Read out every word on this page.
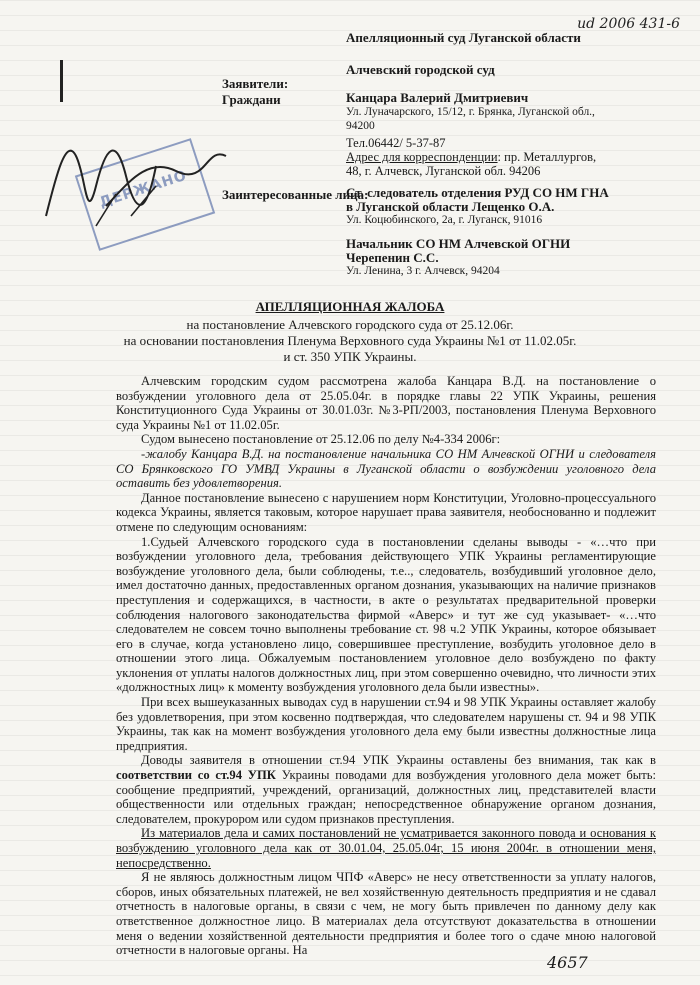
ud 2006 431-6
Апелляционный суд Луганской области
Алчевский городской суд
Заявители:
Граждани	Канцара Валерий Дмитриевич
Ул. Луначарского, 15/12, г. Брянка, Луганской обл.,
94200
Тел.06442/ 5-37-87
Адрес для корреспонденции: пр. Металлургов,
48, г. Алчевск, Луганской обл. 94206
Заинтересованные лица:
Ст. следователь отделения РУД СО НМ ГНА
в Луганской области Лещенко О.А.
Ул. Коцюбинского, 2а, г. Луганск, 91016
Начальник СО НМ Алчевской ОГНИ
Черепенин С.С.
Ул. Ленина, 3 г. Алчевск, 94204
ДЕРЖАНО
АПЕЛЛЯЦИОННАЯ ЖАЛОБА
на постановление Алчевского городского суда от 25.12.06г.
на основании постановления Пленума Верховного суда Украины №1 от 11.02.05г.
и ст. 350 УПК Украины.

Алчевским городским судом рассмотрена жалоба Канцара В.Д. на постановление о возбуждении уголовного дела от 25.05.04г. в порядке главы 22 УПК Украины, решения Конституционного Суда Украины от 30.01.03г. №3-РП/2003, постановления Пленума Верховного суда Украины №1 от 11.02.05г.

Судом вынесено постановление от 25.12.06 по делу №4-334 2006г:

-жалобу Канцара В.Д. на постановление начальника СО НМ Алчевской ОГНИ и следователя СО Брянковского ГО УМВД Украины в Луганской области о возбуждении уголовного дела оставить без удовлетворения.

Данное постановление вынесено с нарушением норм Конституции, Уголовно-процессуального кодекса Украины, является таковым, которое нарушает права заявителя, необоснованно и подлежит отмене по следующим основаниям:

1.Судьей Алчевского городского суда в постановлении сделаны выводы - «…что при возбуждении уголовного дела, требования действующего УПК Украины регламентирующие возбуждение уголовного дела, были соблюдены, т.е.., следователь, возбудивший уголовное дело, имел достаточно данных, предоставленных органом дознания, указывающих на наличие признаков преступления и содержащихся, в частности, в акте о результатах предварительной проверки соблюдения налогового законодательства фирмой «Аверс» и тут же суд указывает- «…что следователем не совсем точно выполнены требование ст. 98 ч.2 УПК Украины, которое обязывает его в случае, когда установлено лицо, совершившее преступление, возбудить уголовное дело в отношении этого лица. Обжалуемым постановлением уголовное дело возбуждено по факту уклонения от уплаты налогов должностных лиц, при этом совершенно очевидно, что личности этих «должностных лиц» к моменту возбуждения уголовного дела были известны».

При всех вышеуказанных выводах суд в нарушении ст.94 и 98 УПК Украины оставляет жалобу без удовлетворения, при этом косвенно подтверждая, что следователем нарушены ст. 94 и 98 УПК Украины, так как на момент возбуждения уголовного дела ему были известны должностные лица предприятия.

Доводы заявителя в отношении ст.94 УПК Украины оставлены без внимания, так как в соответствии со ст.94 УПК Украины поводами для возбуждения уголовного дела может быть: сообщение предприятий, учреждений, организаций, должностных лиц, представителей власти общественности или отдельных граждан; непосредственное обнаружение органом дознания, следователем, прокурором или судом признаков преступления.

Из материалов дела и самих постановлений не усматривается законного повода и основания к возбуждению уголовного дела как от 30.01.04, 25.05.04г, 15 июня 2004г. в отношении меня, непосредственно.

Я не являюсь должностным лицом ЧПФ «Аверс» не несу ответственности за уплату налогов, сборов, иных обязательных платежей, не вел хозяйственную деятельность предприятия и не сдавал отчетность в налоговые органы, в связи с чем, не могу быть привлечен по данному делу как ответственное должностное лицо. В материалах дела отсутствуют доказательства в отношении меня о ведении хозяйственной деятельности предприятия и более того о сдаче мною налоговой отчетности в налоговые органы. На

4657
